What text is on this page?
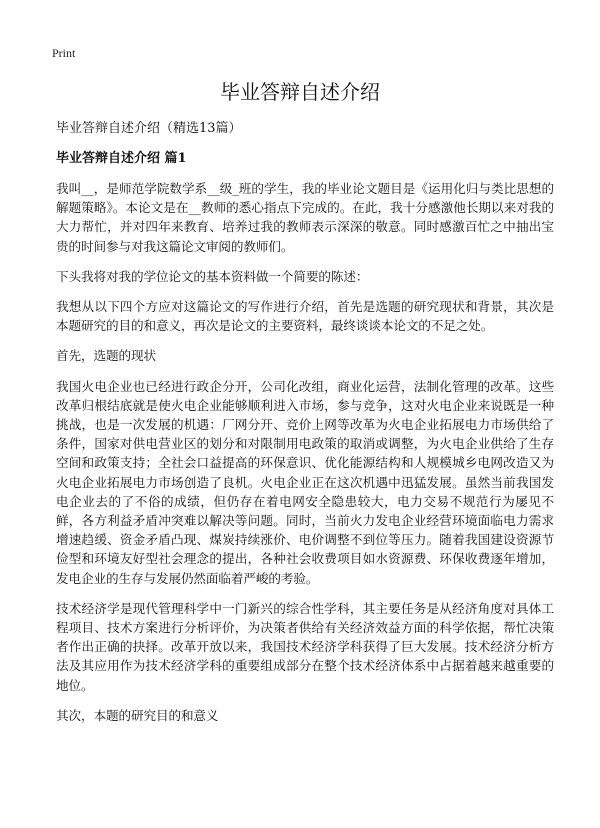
Print
毕业答辩自述介绍
毕业答辩自述介绍（精选13篇）
毕业答辩自述介绍 篇1

我叫__，是师范学院数学系__级_班的学生，我的毕业论文题目是《运用化归与类比思想的解题策略》。本论文是在__教师的悉心指点下完成的。在此，我十分感激他长期以来对我的大力帮忙，并对四年来教育、培养过我的教师表示深深的敬意。同时感激百忙之中抽出宝贵的时间参与对我这篇论文审阅的教师们。

下头我将对我的学位论文的基本资料做一个简要的陈述：

我想从以下四个方应对这篇论文的写作进行介绍，首先是选题的研究现状和背景，其次是本题研究的目的和意义，再次是论文的主要资料，最终谈谈本论文的不足之处。

首先，选题的现状

我国火电企业也已经进行政企分开，公司化改组，商业化运营，法制化管理的改革。这些改革归根结底就是使火电企业能够顺利进入市场，参与竞争，这对火电企业来说既是一种挑战，也是一次发展的机遇：厂网分开、竞价上网等改革为火电企业拓展电力市场供给了条件，国家对供电营业区的划分和对限制用电政策的取消或调整，为火电企业供给了生存空间和政策支持；全社会口益提高的环保意识、优化能源结构和人规模城乡电网改造又为火电企业拓展电力市场创造了良机。火电企业正在这次机遇中迅猛发展。虽然当前我国发电企业去的了不俗的成绩，但仍存在着电网安全隐患较大，电力交易不规范行为屡见不鲜，各方利益矛盾冲突难以解决等问题。同时，当前火力发电企业经营环境面临电力需求增速趋缓、资金矛盾凸现、煤炭持续涨价、电价调整不到位等压力。随着我国建设资源节俭型和环境友好型社会理念的提出，各种社会收费项目如水资源费、环保收费逐年增加，发电企业的生存与发展仍然面临着严峻的考验。

技术经济学是现代管理科学中一门新兴的综合性学科，其主要任务是从经济角度对具体工程项目、技术方案进行分析评价，为决策者供给有关经济效益方面的科学依据，帮忙决策者作出正确的抉择。改革开放以来，我国技术经济学科获得了巨大发展。技术经济分析方法及其应用作为技术经济学科的重要组成部分在整个技术经济体系中占据着越来越重要的地位。

其次，本题的研究目的和意义
